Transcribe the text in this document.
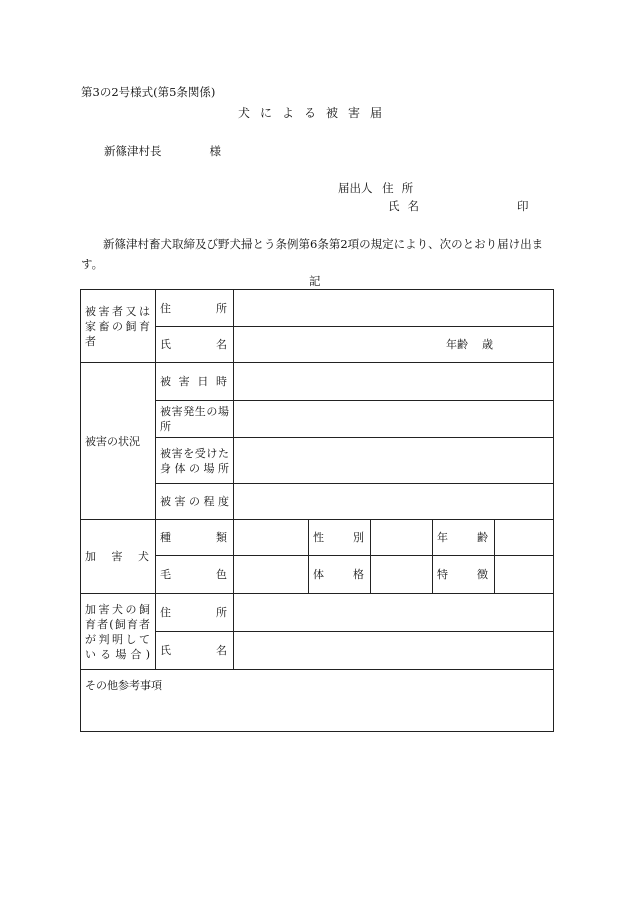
第3の2号様式(第5条関係)
犬による被害届
新篠津村長	様
届出人 住所
氏名	印
新篠津村畜犬取締及び野犬掃とう条例第6条第2項の規定により、次のとおり届け出ます。
記
被害者又は家畜の飼育者	住所					
	氏名	年齢 歳				
被害の状況	被害日時					
	被害発生の場所					
	被害を受けた身体の場所					
	被害の程度					
加害犬	種類		性別		年齢	
	毛色		体格		特徴	
加害犬の飼育者(飼育者が判明している場合)	住所					
	氏名					
その他参考事項						
